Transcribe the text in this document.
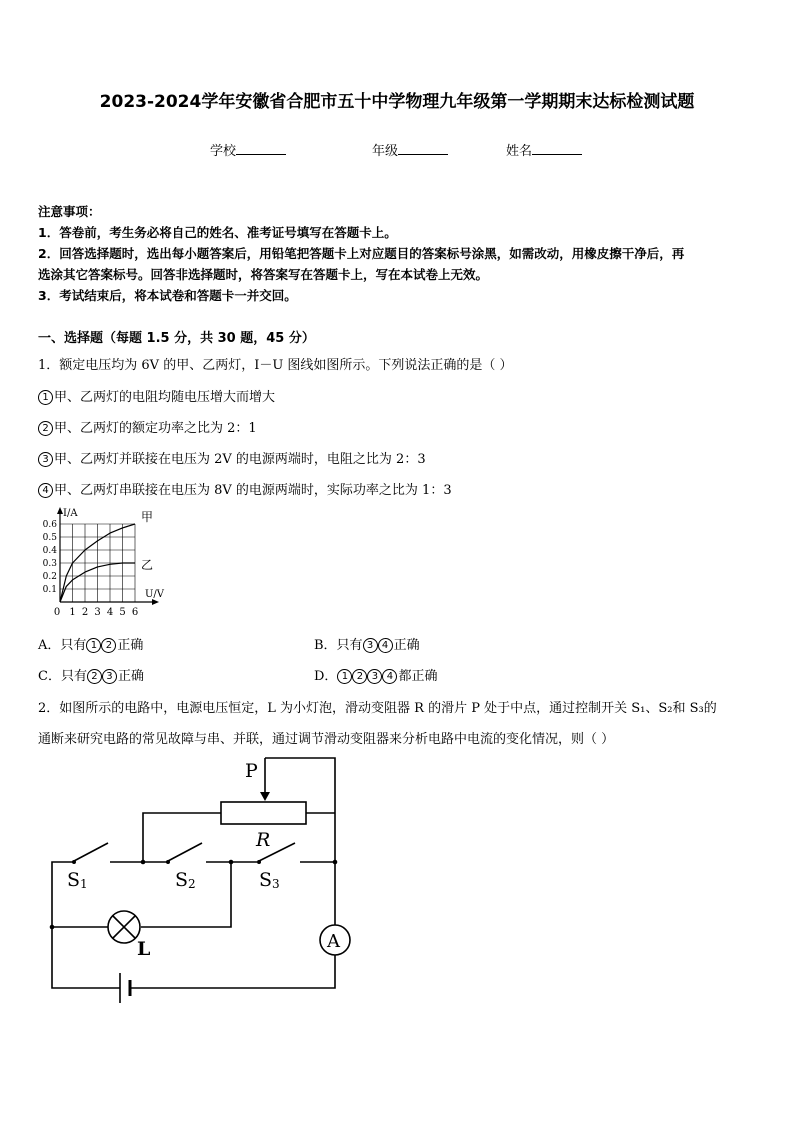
2023-2024学年安徽省合肥市五十中学物理九年级第一学期期末达标检测试题
学校	年级	姓名
注意事项：
1．答卷前，考生务必将自己的姓名、准考证号填写在答题卡上。
2．回答选择题时，选出每小题答案后，用铅笔把答题卡上对应题目的答案标号涂黑，如需改动，用橡皮擦干净后，再
选涂其它答案标号。回答非选择题时，将答案写在答题卡上，写在本试卷上无效。
3．考试结束后，将本试卷和答题卡一并交回。
一、选择题（每题 1.5 分，共 30 题，45 分）
1．额定电压均为 6V 的甲、乙两灯，I－U 图线如图所示。下列说法正确的是（ ）
1 甲、乙两灯的电阻均随电压增大而增大
2 甲、乙两灯的额定功率之比为 2：1
3 甲、乙两灯并联接在电压为 2V 的电源两端时，电阻之比为 2：3
4 甲、乙两灯串联接在电压为 8V 的电源两端时，实际功率之比为 1：3
I/A
U/V
0 1 2 3 4 5 6
0.1
0.2
0.3
0.4
0.5
0.6
甲
乙
A．只有 1 2 正确	B．只有 3 4 正确
C．只有 2 3 正确	D． 1 2 3 4 都正确
2．如图所示的电路中，电源电压恒定，L 为小灯泡，滑动变阻器 R 的滑片 P 处于中点，通过控制开关 S₁、S₂和 S₃的
通断来研究电路的常见故障与串、并联，通过调节滑动变阻器来分析电路中电流的变化情况，则（ ）
P
R
L	A
S1	S2	S3
